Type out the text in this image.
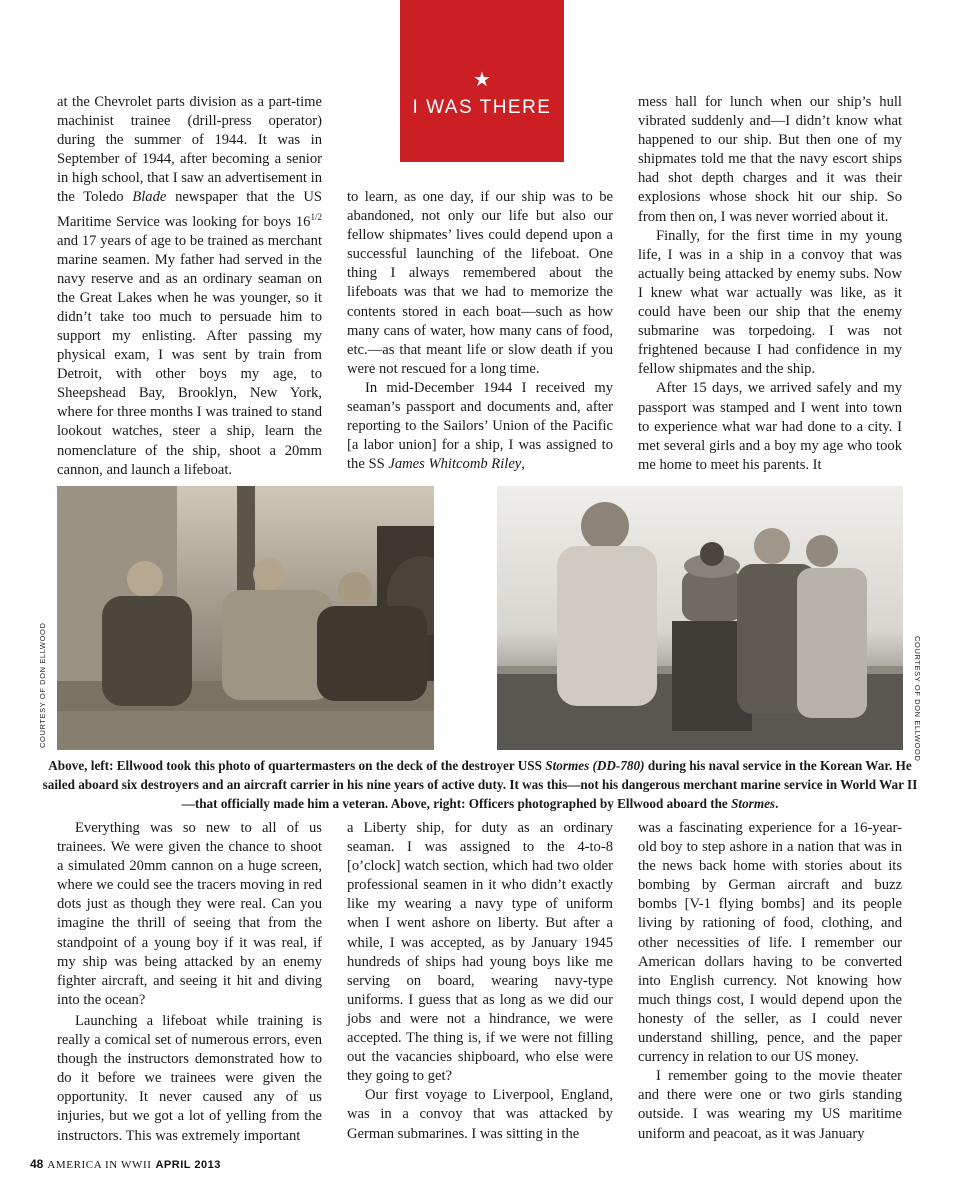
★
I WAS THERE

at the Chevrolet parts division as a part-time machinist trainee (drill-press operator) during the summer of 1944. It was in September of 1944, after becoming a senior in high school, that I saw an advertisement in the Toledo Blade newspaper that the US Maritime Service was looking for boys $16^{1/2}$ and 17 years of age to be trained as merchant marine seamen. My father had served in the navy reserve and as an ordinary seaman on the Great Lakes when he was younger, so it didn’t take too much to persuade him to support my enlisting. After passing my physical exam, I was sent by train from Detroit, with other boys my age, to Sheepshead Bay, Brooklyn, New York, where for three months I was trained to stand lookout watches, steer a ship, learn the nomenclature of the ship, shoot a 20mm cannon, and launch a lifeboat.

to learn, as one day, if our ship was to be abandoned, not only our life but also our fellow shipmates’ lives could depend upon a successful launching of the lifeboat. One thing I always remembered about the lifeboats was that we had to memorize the contents stored in each boat—such as how many cans of water, how many cans of food, etc.—as that meant life or slow death if you were not rescued for a long time.

In mid-December 1944 I received my seaman’s passport and documents and, after reporting to the Sailors’ Union of the Pacific [a labor union] for a ship, I was assigned to the SS James Whitcomb Riley,

mess hall for lunch when our ship’s hull vibrated suddenly and—I didn’t know what happened to our ship. But then one of my shipmates told me that the navy escort ships had shot depth charges and it was their explosions whose shock hit our ship. So from then on, I was never worried about it.

Finally, for the first time in my young life, I was in a ship in a convoy that was actually being attacked by enemy subs. Now I knew what war actually was like, as it could have been our ship that the enemy submarine was torpedoing. I was not frightened because I had confidence in my fellow shipmates and the ship.

After 15 days, we arrived safely and my passport was stamped and I went into town to experience what war had done to a city. I met several girls and a boy my age who took me home to meet his parents. It

COURTESY OF DON ELLWOOD	COURTESY OF DON ELLWOOD
Above, left: Ellwood took this photo of quartermasters on the deck of the destroyer USS Stormes (DD-780) during his naval service in the Korean War. He sailed aboard six destroyers and an aircraft carrier in his nine years of active duty. It was this—not his dangerous merchant marine service in World War II—that officially made him a veteran. Above, right: Officers photographed by Ellwood aboard the Stormes.

Everything was so new to all of us trainees. We were given the chance to shoot a simulated 20mm cannon on a huge screen, where we could see the tracers moving in red dots just as though they were real. Can you imagine the thrill of seeing that from the standpoint of a young boy if it was real, if my ship was being attacked by an enemy fighter aircraft, and seeing it hit and diving into the ocean?

Launching a lifeboat while training is really a comical set of numerous errors, even though the instructors demonstrated how to do it before we trainees were given the opportunity. It never caused any of us injuries, but we got a lot of yelling from the instructors. This was extremely important

a Liberty ship, for duty as an ordinary seaman. I was assigned to the 4-to-8 [o’clock] watch section, which had two older professional seamen in it who didn’t exactly like my wearing a navy type of uniform when I went ashore on liberty. But after a while, I was accepted, as by January 1945 hundreds of ships had young boys like me serving on board, wearing navy-type uniforms. I guess that as long as we did our jobs and were not a hindrance, we were accepted. The thing is, if we were not filling out the vacancies shipboard, who else were they going to get?

Our first voyage to Liverpool, England, was in a convoy that was attacked by German submarines. I was sitting in the

was a fascinating experience for a 16-year-old boy to step ashore in a nation that was in the news back home with stories about its bombing by German aircraft and buzz bombs [V-1 flying bombs] and its people living by rationing of food, clothing, and other necessities of life. I remember our American dollars having to be converted into English currency. Not knowing how much things cost, I would depend upon the honesty of the seller, as I could never understand shilling, pence, and the paper currency in relation to our US money.

I remember going to the movie theater and there were one or two girls standing outside. I was wearing my US maritime uniform and peacoat, as it was January

48 AMERICA IN WWII APRIL 2013
